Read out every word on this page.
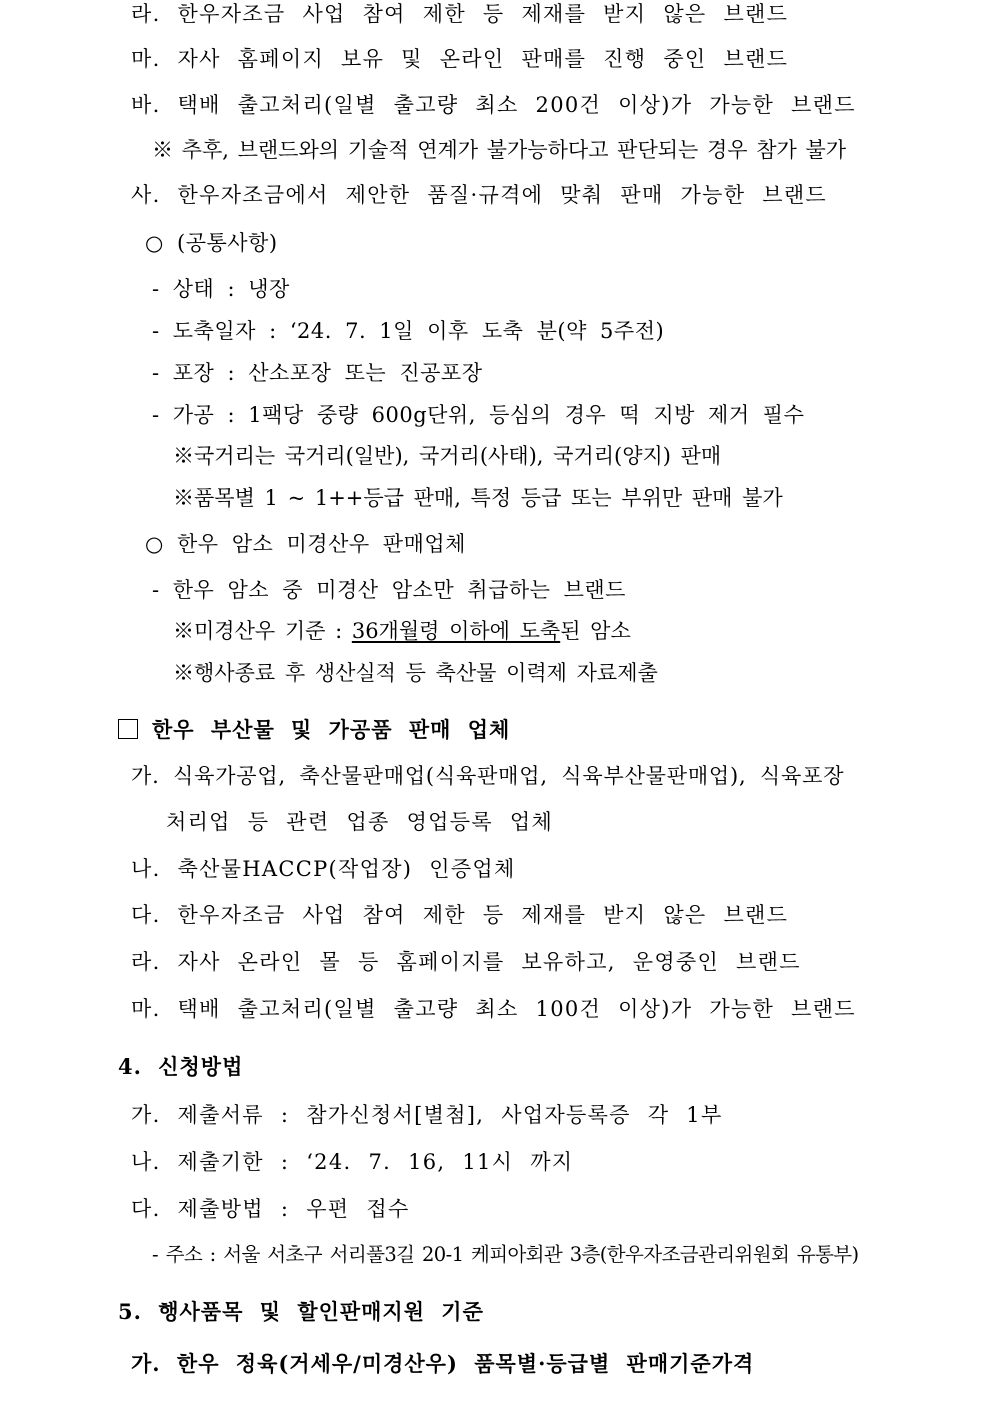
라. 한우자조금 사업 참여 제한 등 제재를 받지 않은 브랜드
마. 자사 홈페이지 보유 및 온라인 판매를 진행 중인 브랜드
바. 택배 출고처리(일별 출고량 최소 200건 이상)가 가능한 브랜드
※ 추후, 브랜드와의 기술적 연계가 불가능하다고 판단되는 경우 참가 불가
사. 한우자조금에서 제안한 품질·규격에 맞춰 판매 가능한 브랜드
○ (공통사항)
- 상태 : 냉장
- 도축일자 : ‘24. 7. 1일 이후 도축 분(약 5주전)
- 포장 : 산소포장 또는 진공포장
- 가공 : 1팩당 중량 600g단위, 등심의 경우 떡 지방 제거 필수
※국거리는 국거리(일반), 국거리(사태), 국거리(양지) 판매
※품목별 1 ~ 1++등급 판매, 특정 등급 또는 부위만 판매 불가
○ 한우 암소 미경산우 판매업체
- 한우 암소 중 미경산 암소만 취급하는 브랜드
※미경산우 기준 : 36개월령 이하에 도축된 암소
※행사종료 후 생산실적 등 축산물 이력제 자료제출
한우 부산물 및 가공품 판매 업체
가. 식육가공업, 축산물판매업(식육판매업, 식육부산물판매업), 식육포장
처리업 등 관련 업종 영업등록 업체
나. 축산물HACCP(작업장) 인증업체
다. 한우자조금 사업 참여 제한 등 제재를 받지 않은 브랜드
라. 자사 온라인 몰 등 홈페이지를 보유하고, 운영중인 브랜드
마. 택배 출고처리(일별 출고량 최소 100건 이상)가 가능한 브랜드
4. 신청방법
가. 제출서류 : 참가신청서[별첨], 사업자등록증 각 1부
나. 제출기한 : ‘24. 7. 16, 11시 까지
다. 제출방법 : 우편 접수
- 주소 : 서울 서초구 서리풀3길 20-1 케피아회관 3층(한우자조금관리위원회 유통부)
5. 행사품목 및 할인판매지원 기준
가. 한우 정육(거세우/미경산우) 품목별·등급별 판매기준가격
